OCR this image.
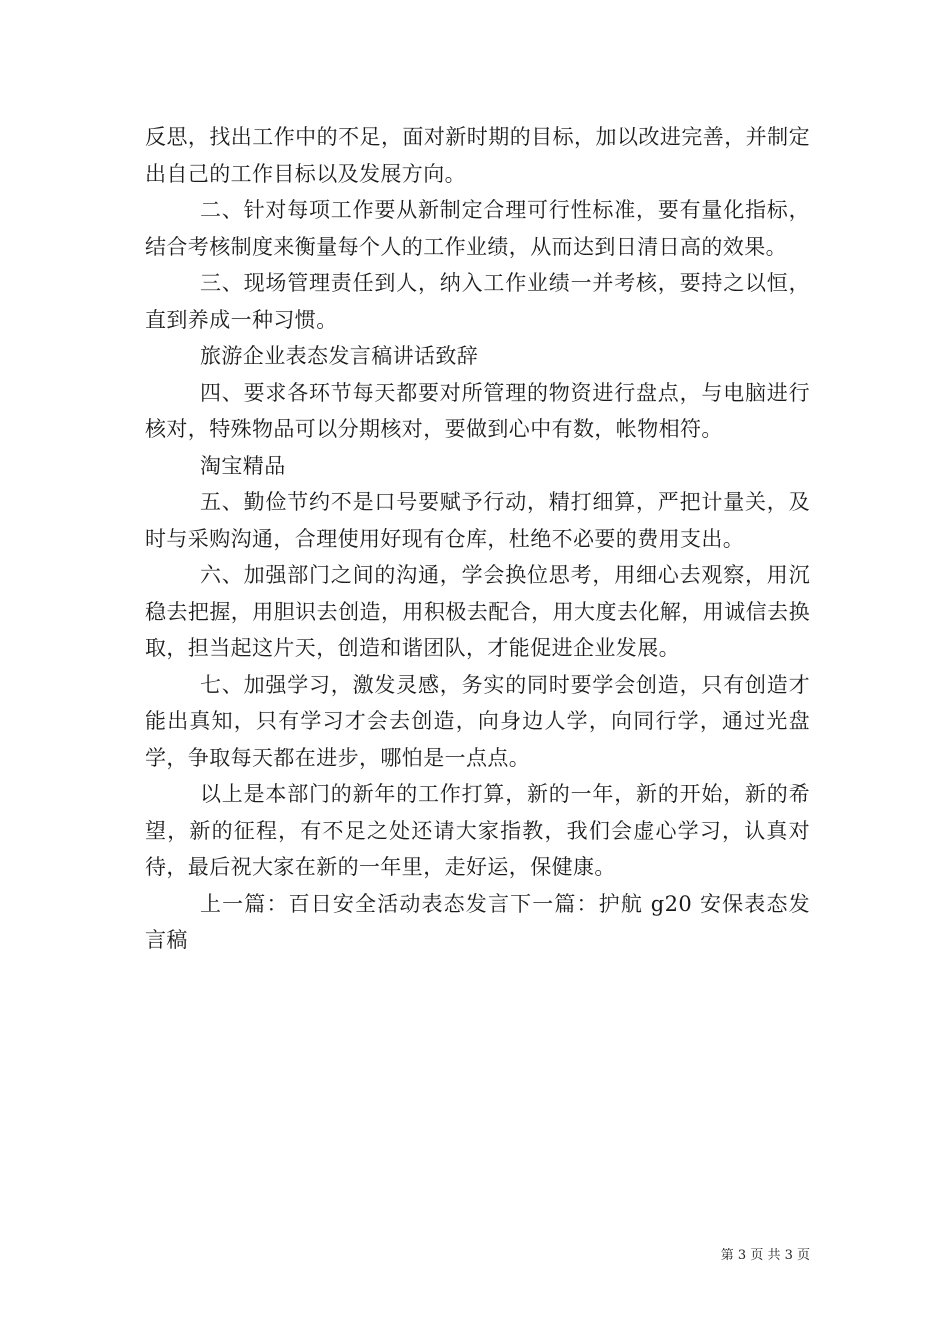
反思，找出工作中的不足，面对新时期的目标，加以改进完善，并制定出自己的工作目标以及发展方向。

二、针对每项工作要从新制定合理可行性标准，要有量化指标，结合考核制度来衡量每个人的工作业绩，从而达到日清日高的效果。

三、现场管理责任到人，纳入工作业绩一并考核，要持之以恒，直到养成一种习惯。

旅游企业表态发言稿讲话致辞

四、要求各环节每天都要对所管理的物资进行盘点，与电脑进行核对，特殊物品可以分期核对，要做到心中有数，帐物相符。

淘宝精品

五、勤俭节约不是口号要赋予行动，精打细算，严把计量关，及时与采购沟通，合理使用好现有仓库，杜绝不必要的费用支出。

六、加强部门之间的沟通，学会换位思考，用细心去观察，用沉稳去把握，用胆识去创造，用积极去配合，用大度去化解，用诚信去换取，担当起这片天，创造和谐团队，才能促进企业发展。

七、加强学习，激发灵感，务实的同时要学会创造，只有创造才能出真知，只有学习才会去创造，向身边人学，向同行学，通过光盘学，争取每天都在进步，哪怕是一点点。

以上是本部门的新年的工作打算，新的一年，新的开始，新的希望，新的征程，有不足之处还请大家指教，我们会虚心学习，认真对待，最后祝大家在新的一年里，走好运，保健康。

上一篇：百日安全活动表态发言下一篇：护航 g20 安保表态发言稿

第 3 页 共 3 页
